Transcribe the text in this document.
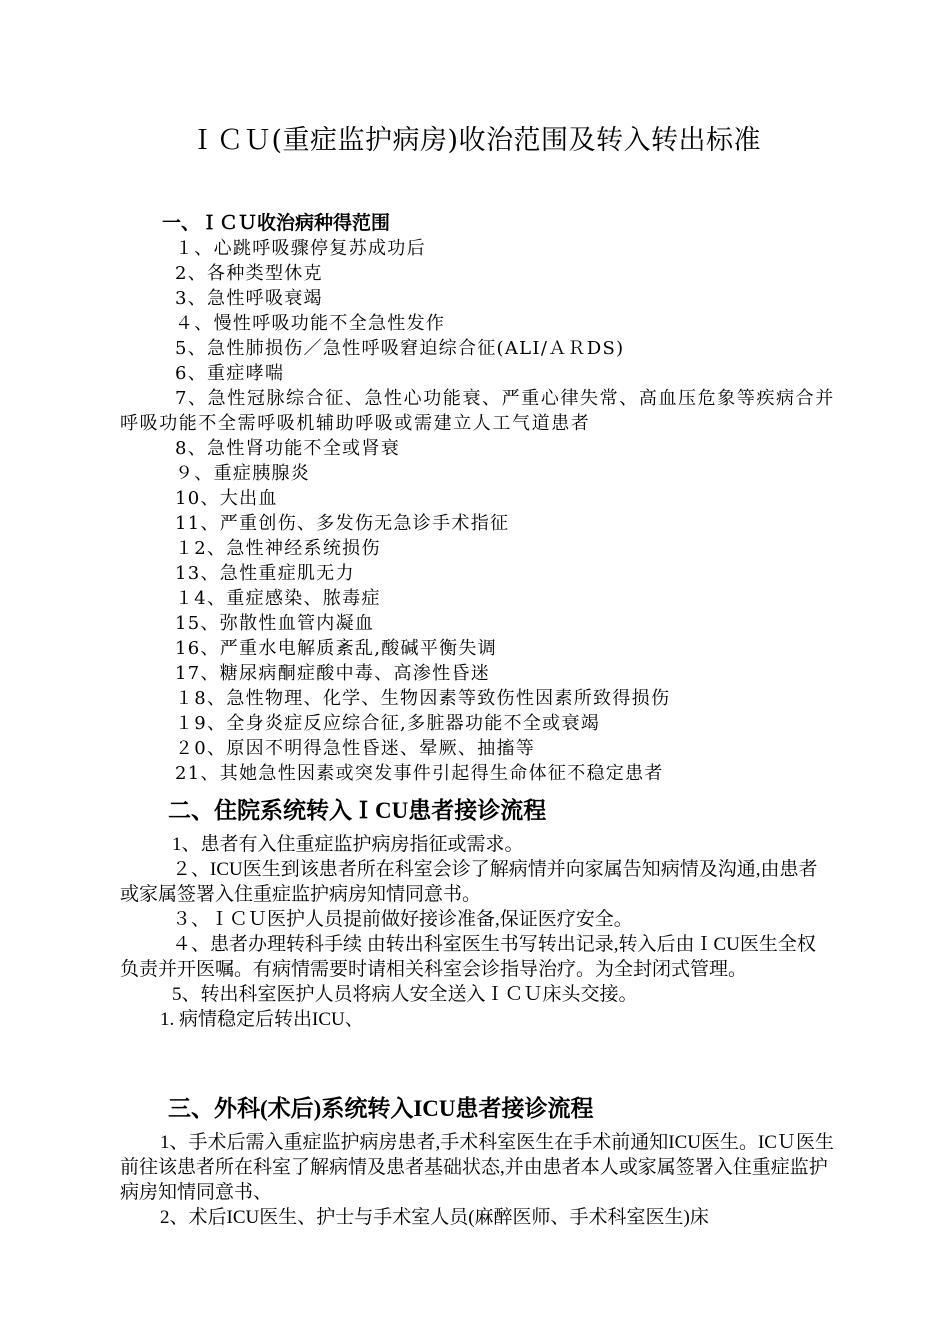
ＩＣＵ(重症监护病房)收治范围及转入转出标准
一、ＩＣＵ收治病种得范围
１、心跳呼吸骤停复苏成功后
2、各种类型休克
3、急性呼吸衰竭
４、慢性呼吸功能不全急性发作
5、急性肺损伤／急性呼吸窘迫综合征(ALI/ＡＲDS)
6、重症哮喘
7、急性冠脉综合征、急性心功能衰、严重心律失常、高血压危象等疾病合并呼吸功能不全需呼吸机辅助呼吸或需建立人工气道患者
8、急性肾功能不全或肾衰
９、重症胰腺炎
10、大出血
11、严重创伤、多发伤无急诊手术指征
１2、急性神经系统损伤
13、急性重症肌无力
１4、重症感染、脓毒症
15、弥散性血管内凝血
16、严重水电解质紊乱,酸碱平衡失调
17、糖尿病酮症酸中毒、高渗性昏迷
１8、急性物理、化学、生物因素等致伤性因素所致得损伤
１9、全身炎症反应综合征,多脏器功能不全或衰竭
２0、原因不明得急性昏迷、晕厥、抽搐等
21、其她急性因素或突发事件引起得生命体征不稳定患者
二、住院系统转入ＩCU患者接诊流程

1、患者有入住重症监护病房指征或需求。

２、ICU医生到该患者所在科室会诊了解病情并向家属告知病情及沟通,由患者或家属签署入住重症监护病房知情同意书。

３、ＩＣＵ医护人员提前做好接诊准备,保证医疗安全。

４、患者办理转科手续 由转出科室医生书写转出记录,转入后由ＩCU医生全权负责并开医嘱。有病情需要时请相关科室会诊指导治疗。为全封闭式管理。

5、转出科室医护人员将病人安全送入ＩＣＵ床头交接。

1. 病情稳定后转出ICU、

三、外科(术后)系统转入ICU患者接诊流程

1、手术后需入重症监护病房患者,手术科室医生在手术前通知ICU医生。ICＵ医生前往该患者所在科室了解病情及患者基础状态,并由患者本人或家属签署入住重症监护病房知情同意书、

2、术后ICU医生、护士与手术室人员(麻醉医师、手术科室医生)床
